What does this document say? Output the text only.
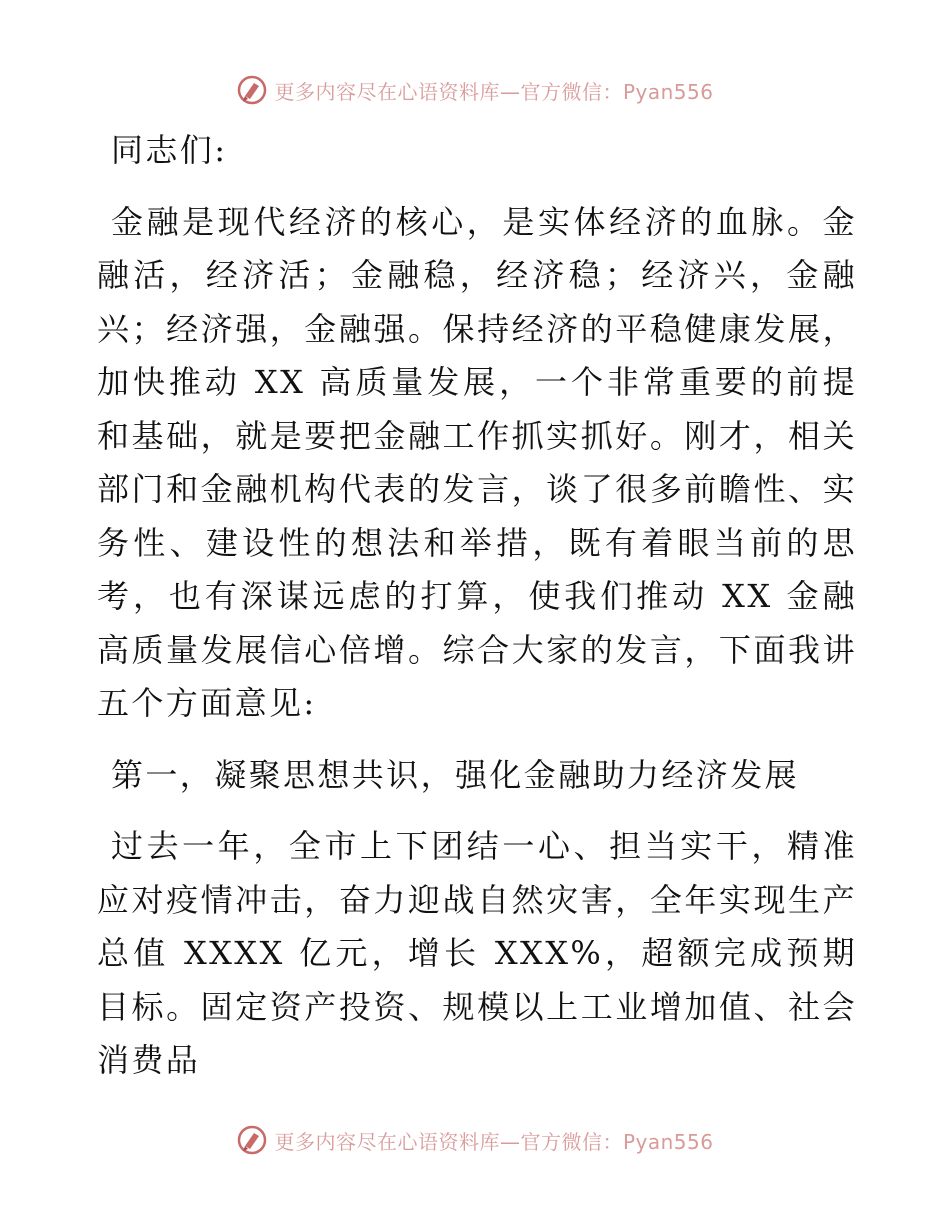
更多内容尽在心语资料库—官方微信：Pyan556

同志们:

金融是现代经济的核心，是实体经济的血脉。金融活，经济活；金融稳，经济稳；经济兴，金融兴；经济强，金融强。保持经济的平稳健康发展，加快推动 XX 高质量发展，一个非常重要的前提和基础，就是要把金融工作抓实抓好。刚才，相关部门和金融机构代表的发言，谈了很多前瞻性、实务性、建设性的想法和举措，既有着眼当前的思考，也有深谋远虑的打算，使我们推动 XX 金融高质量发展信心倍增。综合大家的发言，下面我讲五个方面意见:

第一，凝聚思想共识，强化金融助力经济发展

过去一年，全市上下团结一心、担当实干，精准应对疫情冲击，奋力迎战自然灾害，全年实现生产总值 XXXX 亿元，增长 XXX%，超额完成预期目标。固定资产投资、规模以上工业增加值、社会消费品

更多内容尽在心语资料库—官方微信：Pyan556
